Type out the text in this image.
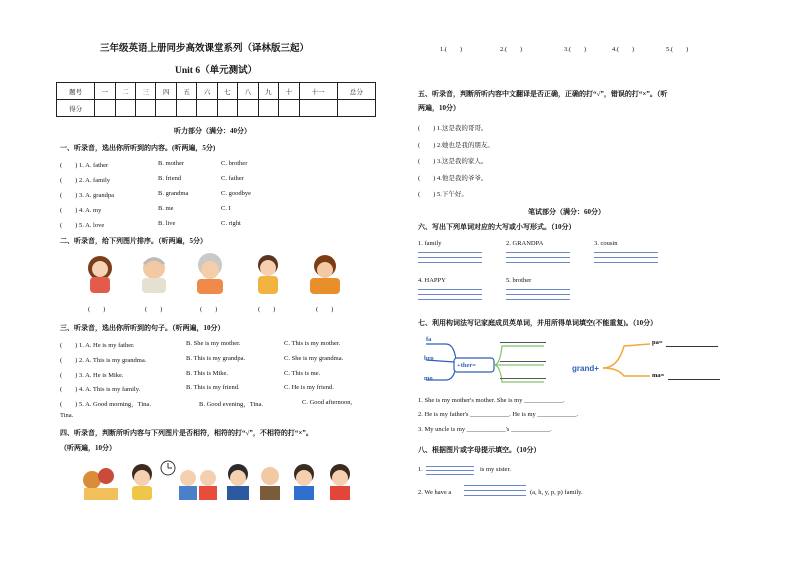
三年级英语上册同步高效课堂系列（译林版三起）
Unit 6（单元测试）
题号	一	二	三	四	五	六	七	八	九	十	十一	总分
得分												
听力部分（满分：40分）
一、听录音，选出你所听到的内容。(听两遍，5分)
(　　) 1. A. father	B. mother	C. brother
(　　) 2. A. family	B. friend	C. father
(　　) 3. A. grandpa	B. grandma	C. goodbye
(　　) 4. A. my	B. me	C. I
(　　) 5. A. love	B. live	C. right
二、听录音，给下列图片排序。（听两遍，5分）
(　　)	(　　)	(　　)	(　　)	(　　)
三、听录音，选出你所听到的句子。（听两遍，10分）
(　　) 1. A. He is my father.	B. She is my mother.	C. This is my mother.
(　　) 2. A. This is my grandma.	B. This is my grandpa.	C. She is my grandma.
(　　) 3. A. He is Mike.	B. This is Mike.	C. This is me.
(　　) 4. A. This is my family.	B. This is my friend.	C. He is my friend.
(　　) 5. A. Good morning，Tina.	B. Good evening，Tina.	C. Good afternoon,
Tina.
四、听录音，判断所听内容与下列图片是否相符，相符的打“√”，不相符的打“×”。
（听两遍，10分）
1.(　　)	2.(　　)	3.(　　)	4.(　　)	5.(　　)
五、听录音，判断所听内容中文翻译是否正确，正确的打“√”，错误的打“×”。（听
两遍，10分）
(　　) 1.这是我的哥哥。
(　　) 2.她也是我的朋友。
(　　) 3.这是我的家人。
(　　) 4.他是我的爷爷。
(　　) 5.下午好。
笔试部分（满分：60分）
六、写出下列单词对应的大写或小写形式。（10分）
1. family	2. GRANDPA	3. cousin
4. HAPPY	5. brother
七、利用构词法写记家庭成员英单词，并用所得单词填空(不能重复)。（10分）
fa
bro
mo
+ther=	grand+
pa=
ma=
1. She is my mother's mother. She is my ____________.
2. He is my father's ____________. He is my ____________.
3. My uncle is my ____________'s ____________.
八、根据图片或字母提示填空。（10分）
1.	is my sister.
2. We have a	(a, h, y, p, p) family.
